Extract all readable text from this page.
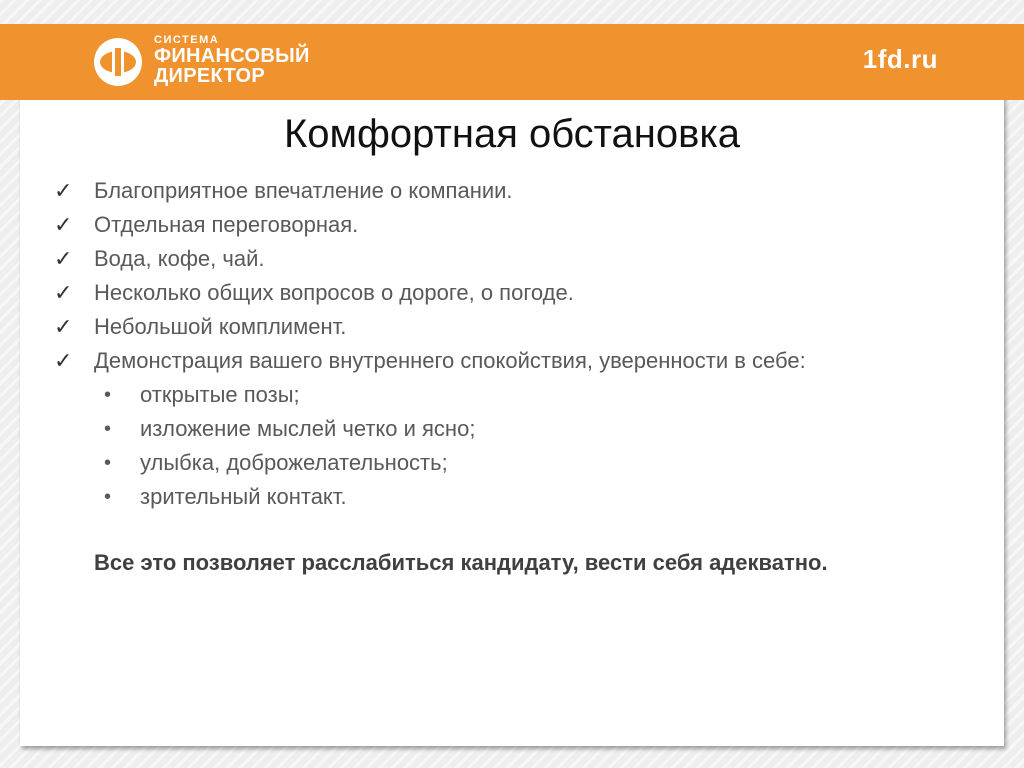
СИСТЕМА
ФИНАНСОВЫЙ
ДИРЕКТОР
1fd.ru
Комфортная обстановка
✓ Благоприятное впечатление о компании.
✓ Отдельная переговорная.
✓ Вода, кофе, чай.
✓ Несколько общих вопросов о дороге, о погоде.
✓ Небольшой комплимент.
✓ Демонстрация вашего внутреннего спокойствия, уверенности в себе:
• открытые позы;
• изложение мыслей четко и ясно;
• улыбка, доброжелательность;
• зрительный контакт.
Все это позволяет расслабиться кандидату, вести себя адекватно.
